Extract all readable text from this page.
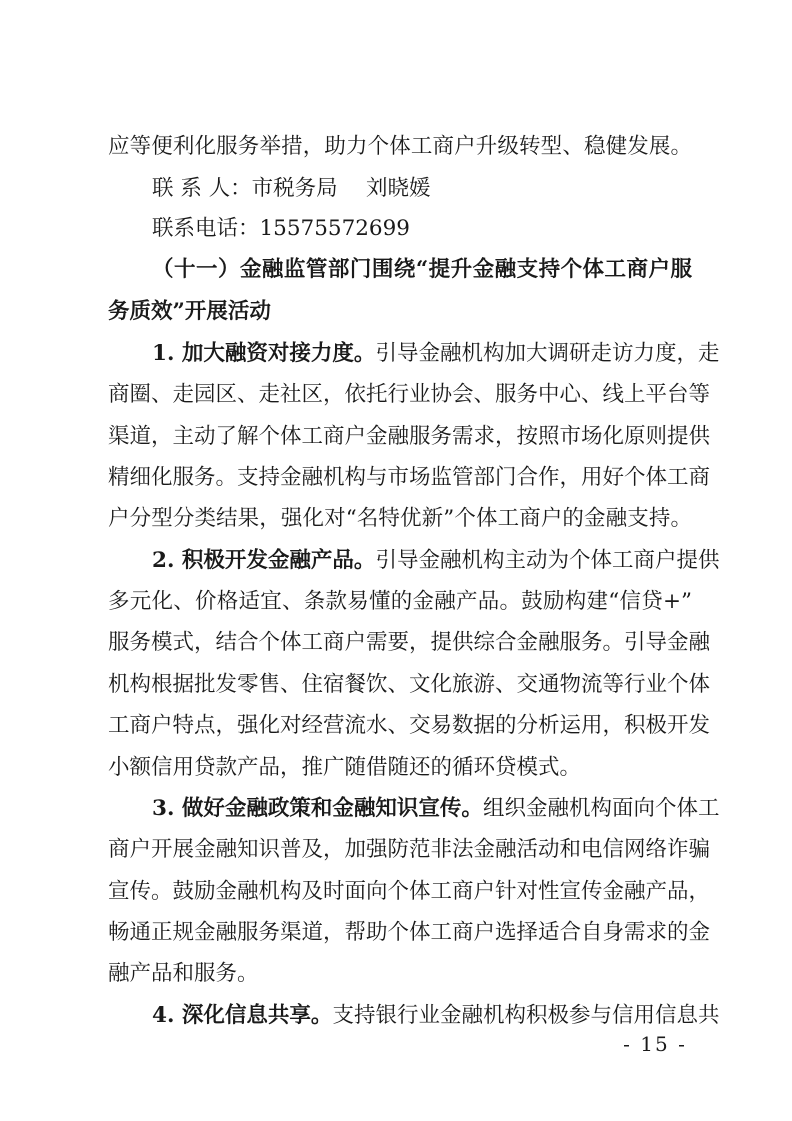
应等便利化服务举措，助力个体工商户升级转型、稳健发展。
联 系 人：市税务局　 刘晓媛
联系电话：15575572699
（十一）金融监管部门围绕“提升金融支持个体工商户服
务质效”开展活动
1. 加大融资对接力度。引导金融机构加大调研走访力度，走
商圈、走园区、走社区，依托行业协会、服务中心、线上平台等
渠道，主动了解个体工商户金融服务需求，按照市场化原则提供
精细化服务。支持金融机构与市场监管部门合作，用好个体工商
户分型分类结果，强化对“名特优新”个体工商户的金融支持。
2. 积极开发金融产品。引导金融机构主动为个体工商户提供
多元化、价格适宜、条款易懂的金融产品。鼓励构建“信贷+”
服务模式，结合个体工商户需要，提供综合金融服务。引导金融
机构根据批发零售、住宿餐饮、文化旅游、交通物流等行业个体
工商户特点，强化对经营流水、交易数据的分析运用，积极开发
小额信用贷款产品，推广随借随还的循环贷模式。
3. 做好金融政策和金融知识宣传。组织金融机构面向个体工
商户开展金融知识普及，加强防范非法金融活动和电信网络诈骗
宣传。鼓励金融机构及时面向个体工商户针对性宣传金融产品，
畅通正规金融服务渠道，帮助个体工商户选择适合自身需求的金
融产品和服务。
4. 深化信息共享。支持银行业金融机构积极参与信用信息共
- 15 -
